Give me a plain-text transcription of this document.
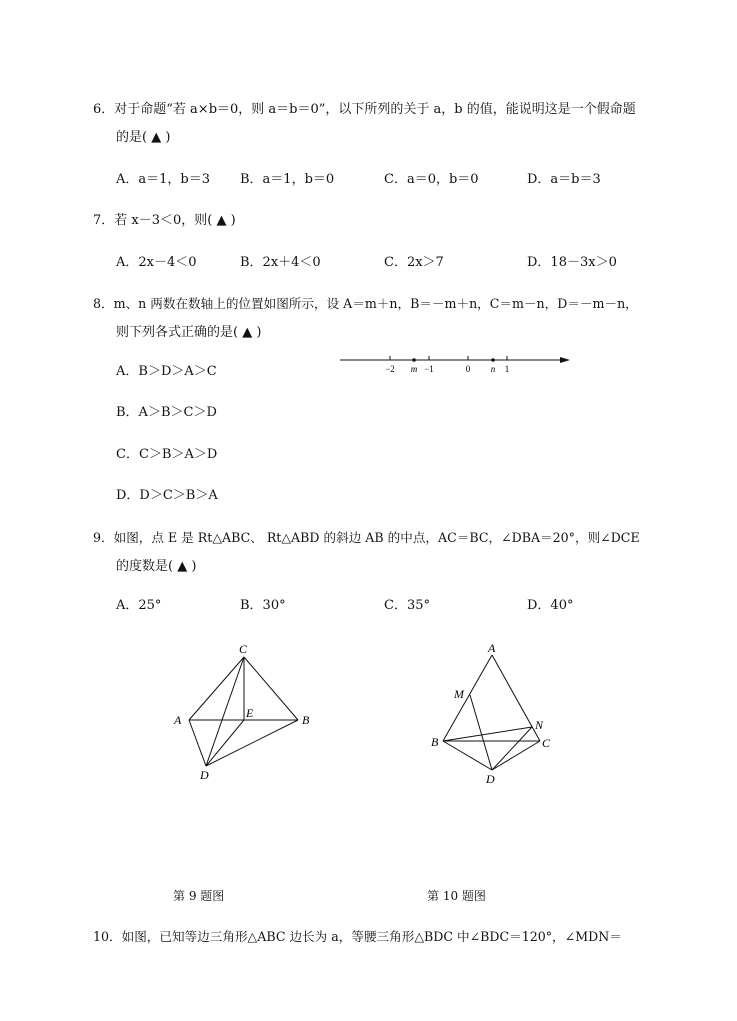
6．对于命题“若 a×b＝0，则 a＝b＝0”，以下所列的关于 a，b 的值，能说明这是一个假命题
的是( ▲ )
A．a＝1，b＝3 B．a＝1，b＝0	C．a＝0，b＝0	D．a＝b＝3
7．若 x－3＜0，则( ▲ )
A．2x－4＜0	B．2x＋4＜0	C．2x＞7	D．18－3x＞0
8．m、n 两数在数轴上的位置如图所示，设 A＝m＋n，B＝－m＋n，C＝m－n，D＝－m－n，
则下列各式正确的是( ▲ )
A．B＞D＞A＞C
B．A＞B＞C＞D
C．C＞B＞A＞D
D．D＞C＞B＞A
−2 m −1	0 n 1
9．如图，点 E 是 Rt△ABC、 Rt△ABD 的斜边 AB 的中点，AC＝BC，∠DBA＝20°，则∠DCE
的度数是( ▲ )
A．25°	B．30°	C．35°	D．40°
C
A	E	B
D
A
M
N
B	C
D
第 9 题图	第 10 题图
10．如图，已知等边三角形△ABC 边长为 a，等腰三角形△BDC 中∠BDC＝120°，∠MDN＝
